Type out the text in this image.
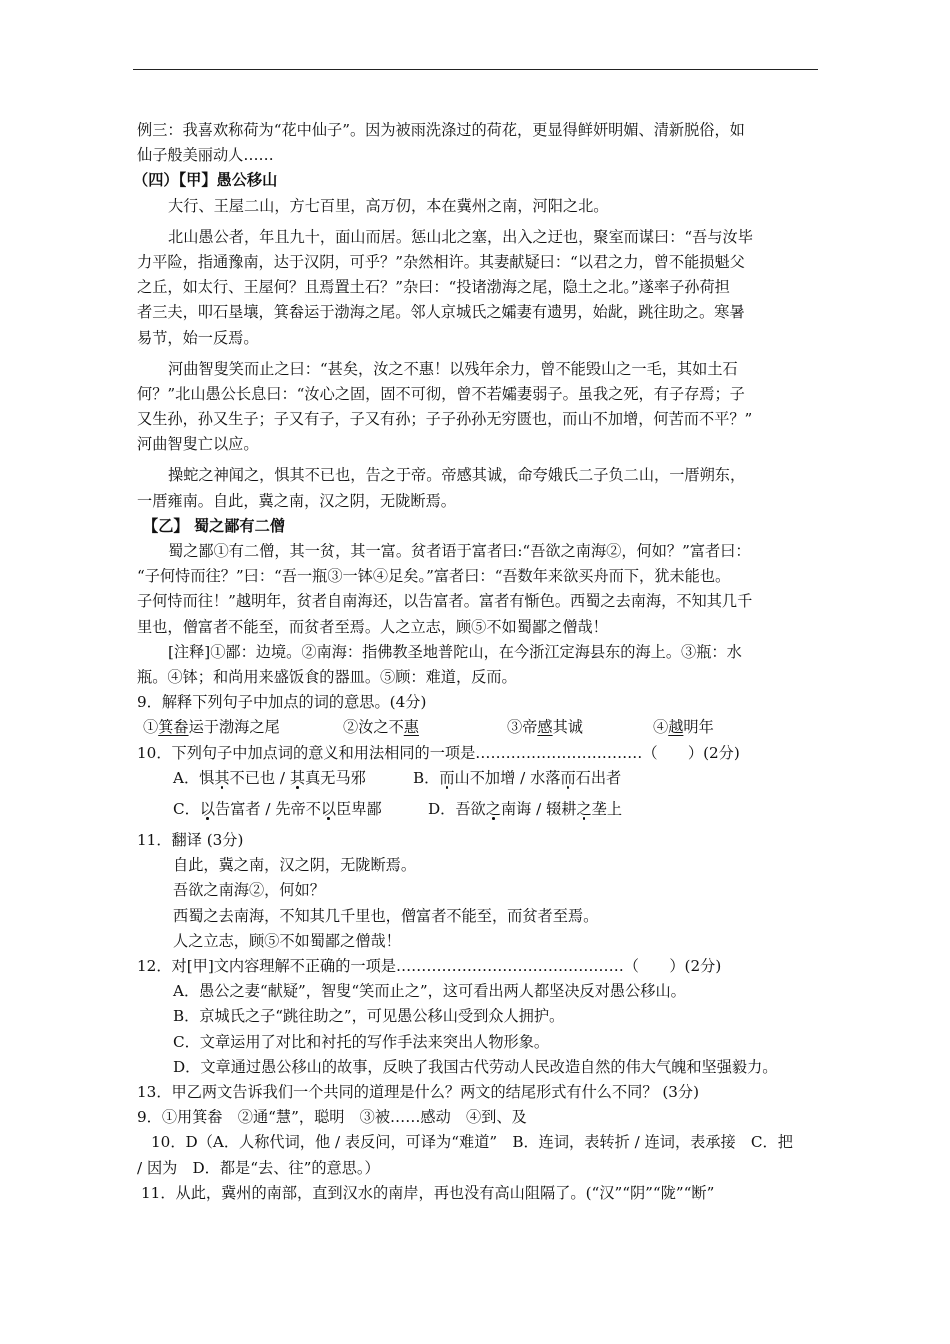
例三：我喜欢称荷为“花中仙子”。因为被雨洗涤过的荷花，更显得鲜妍明媚、清新脱俗，如
仙子般美丽动人……
（四）【甲】愚公移山
大行、王屋二山，方七百里，高万仞，本在冀州之南，河阳之北。
北山愚公者，年且九十，面山而居。惩山北之塞，出入之迂也，聚室而谋曰：“吾与汝毕
力平险，指通豫南，达于汉阴，可乎？”杂然相许。其妻献疑曰：“以君之力，曾不能损魁父
之丘，如太行、王屋何？且焉置土石？”杂曰：“投诸渤海之尾，隐土之北。”遂率子孙荷担
者三夫，叩石垦壤，箕畚运于渤海之尾。邻人京城氏之孀妻有遗男，始龀，跳往助之。寒暑
易节，始一反焉。
河曲智叟笑而止之曰：“甚矣，汝之不惠！以残年余力，曾不能毁山之一毛，其如土石
何？”北山愚公长息曰：“汝心之固，固不可彻，曾不若孀妻弱子。虽我之死，有子存焉；子
又生孙，孙又生子；子又有子，子又有孙；子子孙孙无穷匮也，而山不加增，何苦而不平？”
河曲智叟亡以应。
操蛇之神闻之，惧其不已也，告之于帝。帝感其诚，命夸娥氏二子负二山，一厝朔东，
一厝雍南。自此，冀之南，汉之阴，无陇断焉。
【乙】 蜀之鄙有二僧
蜀之鄙①有二僧，其一贫，其一富。贫者语于富者曰:“吾欲之南海②，何如？”富者曰：
“子何恃而往？”曰：“吾一瓶③一钵④足矣。”富者曰：“吾数年来欲买舟而下，犹未能也。
子何恃而往！”越明年，贫者自南海还，以告富者。富者有惭色。西蜀之去南海，不知其几千
里也，僧富者不能至，而贫者至焉。人之立志，顾⑤不如蜀鄙之僧哉！
[注释]①鄙：边境。②南海：指佛教圣地普陀山，在今浙江定海县东的海上。③瓶：水
瓶。④钵；和尚用来盛饭食的器皿。⑤顾：难道，反而。
9．解释下列句子中加点的词的意思。(4分)
①箕畚运于渤海之尾	②汝之不惠	③帝感其诚	④越明年
10．下列句子中加点词的意义和用法相同的一项是……………………………（　　）(2分)
A．惧其不已也 / 其真无马邪	B．而山不加增 / 水落而石出者
C．以告富者 / 先帝不以臣卑鄙	D．吾欲之南诲 / 辍耕之垄上
11．翻译 (3分)
自此，冀之南，汉之阴，无陇断焉。
吾欲之南海②，何如？
西蜀之去南海，不知其几千里也，僧富者不能至，而贫者至焉。
人之立志，顾⑤不如蜀鄙之僧哉！
12．对[甲]文内容理解不正确的一项是………………………………………（　　）(2分)
A．愚公之妻“献疑”，智叟“笑而止之”，这可看出两人都坚决反对愚公移山。
B．京城氏之子“跳往助之”，可见愚公移山受到众人拥护。
C．文章运用了对比和衬托的写作手法来突出人物形象。
D．文章通过愚公移山的故事，反映了我国古代劳动人民改造自然的伟大气魄和坚强毅力。
13．甲乙两文告诉我们一个共同的道理是什么？两文的结尾形式有什么不同？ (3分)
9．①用箕畚　②通“慧”，聪明　③被……感动　④到、及
10．D（A．人称代词，他 / 表反问，可译为“难道”　B．连词，表转折 / 连词，表承接　C．把
/ 因为　D．都是“去、往”的意思。）
11．从此，冀州的南部，直到汉水的南岸，再也没有高山阻隔了。(“汉”“阴”“陇”“断”
